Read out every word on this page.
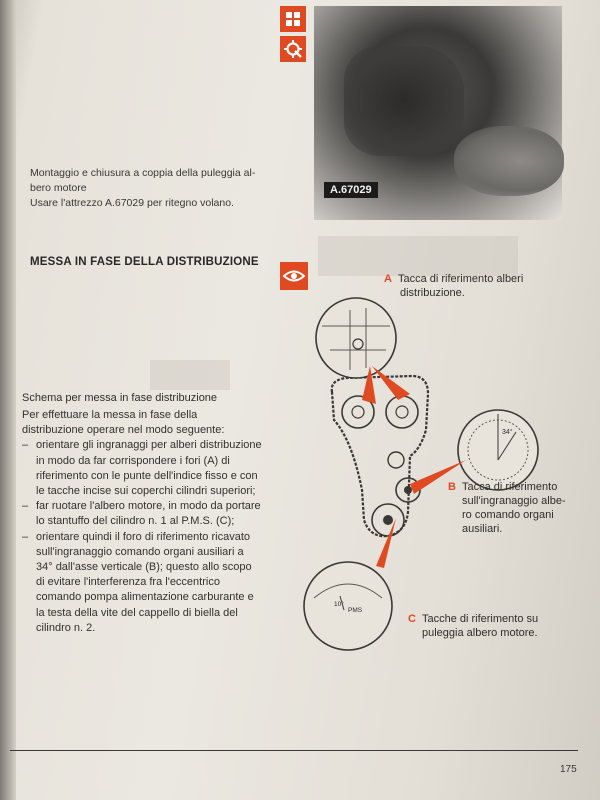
A.67029
Montaggio e chiusura a coppia della puleggia al-
bero motore
Usare l'attrezzo A.67029 per ritegno volano.
MESSA IN FASE DELLA DISTRIBUZIONE
Schema per messa in fase distribuzione

Per effettuare la messa in fase della distribuzione operare nel modo seguente:

– orientare gli ingranaggi per alberi distribuzione in modo da far corrispondere i fori (A) di riferimento con le punte dell'indice fisso e con le tacche incise sui coperchi cilindri superiori;
– far ruotare l'albero motore, in modo da portare lo stantuffo del cilindro n. 1 al P.M.S. (C);
– orientare quindi il foro di riferimento ricavato sull'ingranaggio comando organi ausiliari a 34° dall'asse verticale (B); questo allo scopo di evitare l'interferenza fra l'eccentrico comando pompa alimentazione carburante e la testa della vite del cappello di biella del cilindro n. 2.
34°
10°
PMS
A Tacca di riferimento alberi
distribuzione.
B Tacca di riferimento
sull'ingranaggio albe-
ro comando organi
ausiliari.
C Tacche di riferimento su
puleggia albero motore.
175
